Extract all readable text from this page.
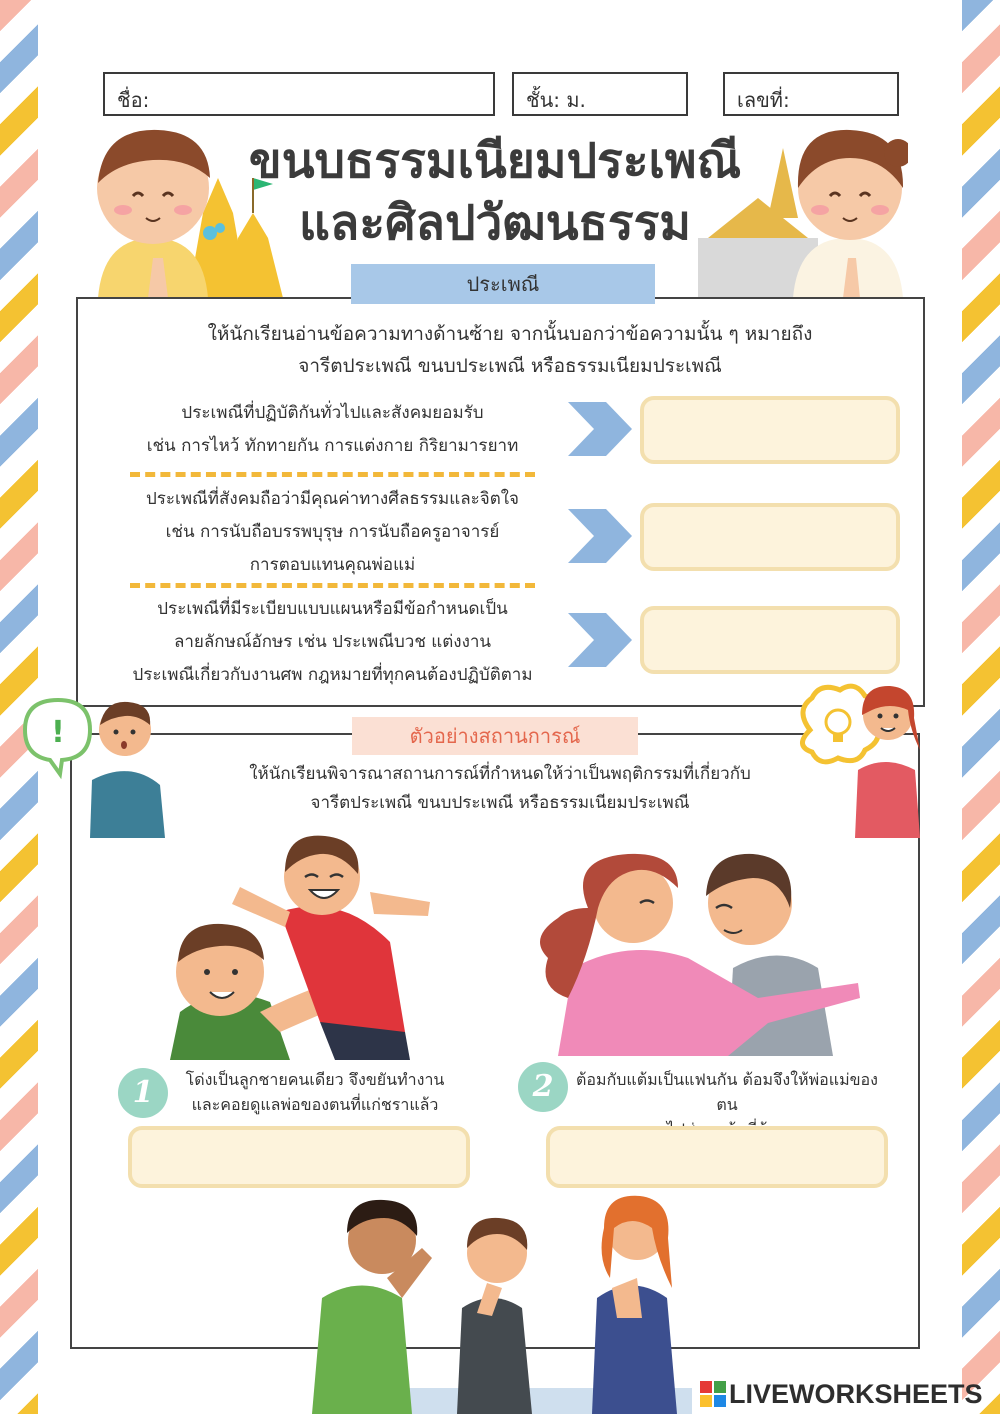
ชื่อ:	ชั้น: ม.	เลขที่:
ขนบธรรมเนียมประเพณี
และศิลปวัฒนธรรม
ประเพณี
ให้นักเรียนอ่านข้อความทางด้านซ้าย จากนั้นบอกว่าข้อความนั้น ๆ หมายถึง
จารีตประเพณี ขนบประเพณี หรือธรรมเนียมประเพณี
ประเพณีที่ปฏิบัติกันทั่วไปและสังคมยอมรับ
เช่น การไหว้ ทักทายกัน การแต่งกาย กิริยามารยาท
ประเพณีที่สังคมถือว่ามีคุณค่าทางศีลธรรมและจิตใจ
เช่น การนับถือบรรพบุรุษ การนับถือครูอาจารย์
การตอบแทนคุณพ่อแม่
ประเพณีที่มีระเบียบแบบแผนหรือมีข้อกำหนดเป็น
ลายลักษณ์อักษร เช่น ประเพณีบวช แต่งงาน
ประเพณีเกี่ยวกับงานศพ กฎหมายที่ทุกคนต้องปฏิบัติตาม
ตัวอย่างสถานการณ์
!
ให้นักเรียนพิจารณาสถานการณ์ที่กำหนดให้ว่าเป็นพฤติกรรมที่เกี่ยวกับ
จารีตประเพณี ขนบประเพณี หรือธรรมเนียมประเพณี
1	โด่งเป็นลูกชายคนเดียว จึงขยันทำงาน
และคอยดูแลพ่อของตนที่แก่ชราแล้ว
2	ต้อมกับแต้มเป็นแฟนกัน ต้อมจึงให้พ่อแม่ของตน
LIVEWORKSHEETS
